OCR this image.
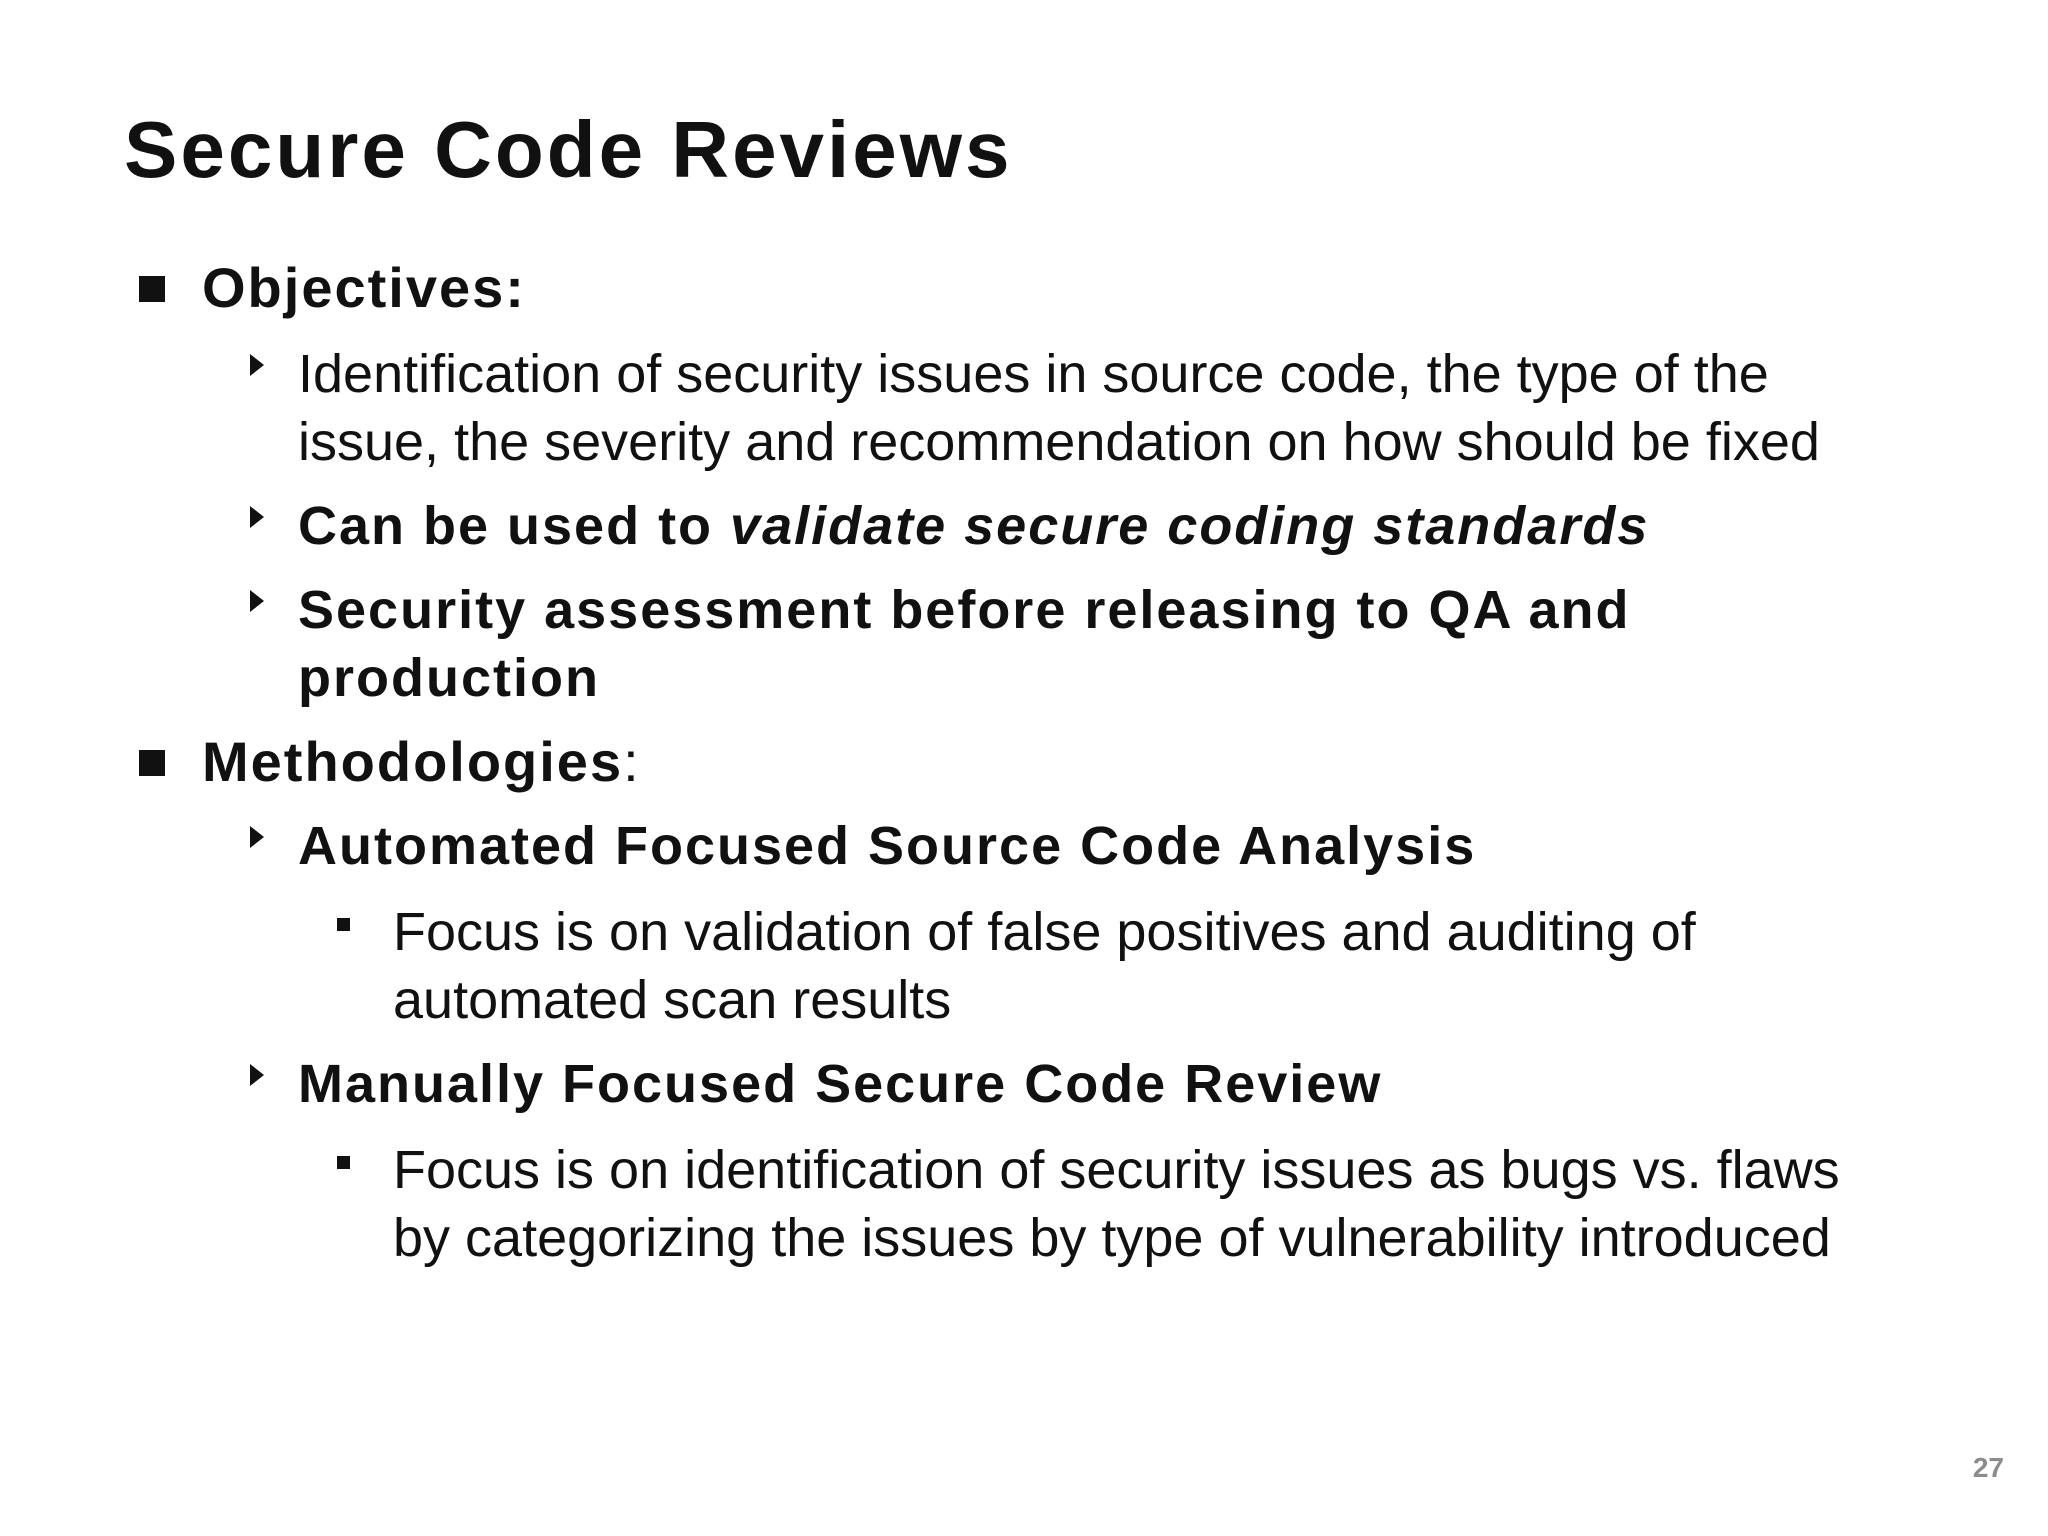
Secure Code Reviews
Objectives:
Identification of security issues in source code, the type of the
issue, the severity and recommendation on how should be fixed
Can be used to validate secure coding standards
Security assessment before releasing to QA and
production
Methodologies:
Automated Focused Source Code Analysis
Focus is on validation of false positives and auditing of
automated scan results
Manually Focused Secure Code Review
Focus is on identification of security issues as bugs vs. flaws
by categorizing the issues by type of vulnerability introduced
27
